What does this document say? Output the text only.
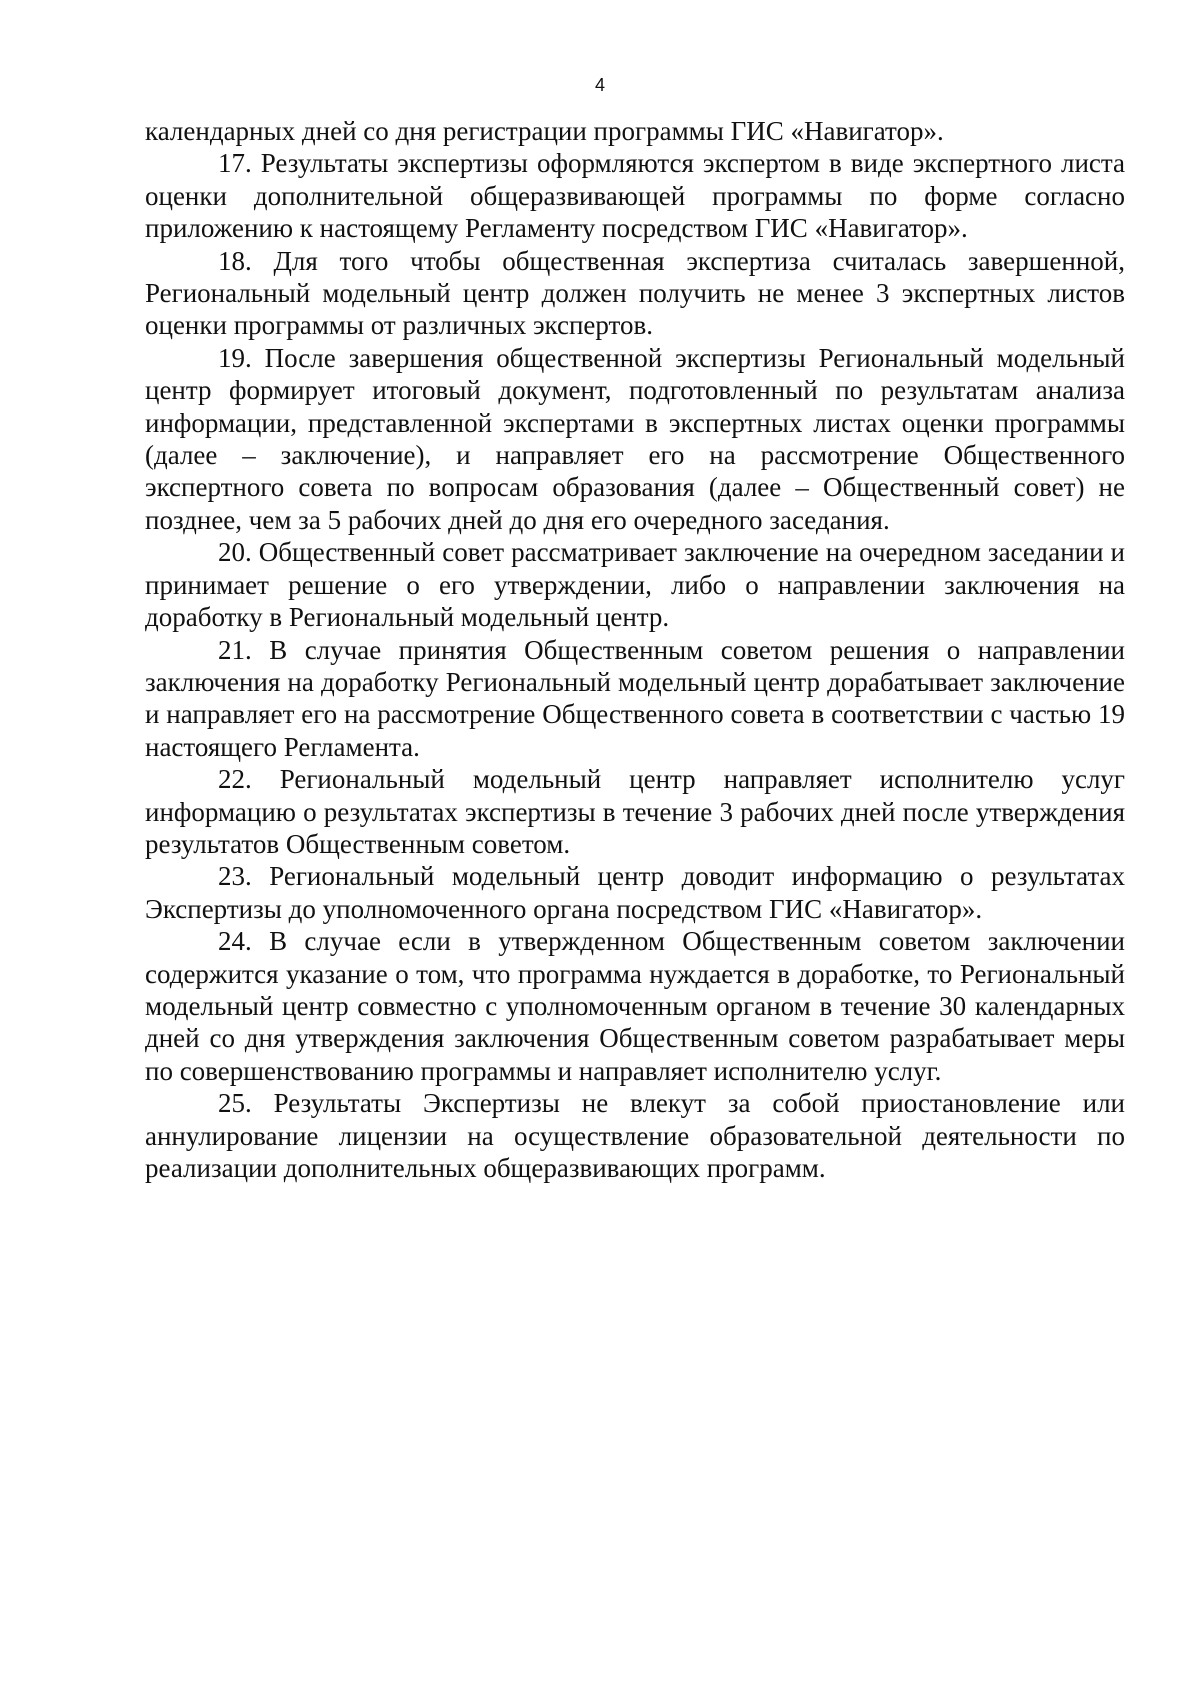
4

календарных дней со дня регистрации программы ГИС «Навигатор».

17. Результаты экспертизы оформляются экспертом в виде экспертного листа оценки дополнительной общеразвивающей программы по форме согласно приложению к настоящему Регламенту посредством ГИС «Навигатор».

18. Для того чтобы общественная экспертиза считалась завершенной, Региональный модельный центр должен получить не менее 3 экспертных листов оценки программы от различных экспертов.

19. После завершения общественной экспертизы Региональный модельный центр формирует итоговый документ, подготовленный по результатам анализа информации, представленной экспертами в экспертных листах оценки программы (далее – заключение), и направляет его на рассмотрение Общественного экспертного совета по вопросам образования (далее – Общественный совет) не позднее, чем за 5 рабочих дней до дня его очередного заседания.

20. Общественный совет рассматривает заключение на очередном заседании и принимает решение о его утверждении, либо о направлении заключения на доработку в Региональный модельный центр.

21. В случае принятия Общественным советом решения о направлении заключения на доработку Региональный модельный центр дорабатывает заключение и направляет его на рассмотрение Общественного совета в соответствии с частью 19 настоящего Регламента.

22. Региональный модельный центр направляет исполнителю услуг информацию о результатах экспертизы в течение 3 рабочих дней после утверждения результатов Общественным советом.

23. Региональный модельный центр доводит информацию о результатах Экспертизы до уполномоченного органа посредством ГИС «Навигатор».

24. В случае если в утвержденном Общественным советом заключении содержится указание о том, что программа нуждается в доработке, то Региональный модельный центр совместно с уполномоченным органом в течение 30 календарных дней со дня утверждения заключения Общественным советом разрабатывает меры по совершенствованию программы и направляет исполнителю услуг.

25. Результаты Экспертизы не влекут за собой приостановление или аннулирование лицензии на осуществление образовательной деятельности по реализации дополнительных общеразвивающих программ.
